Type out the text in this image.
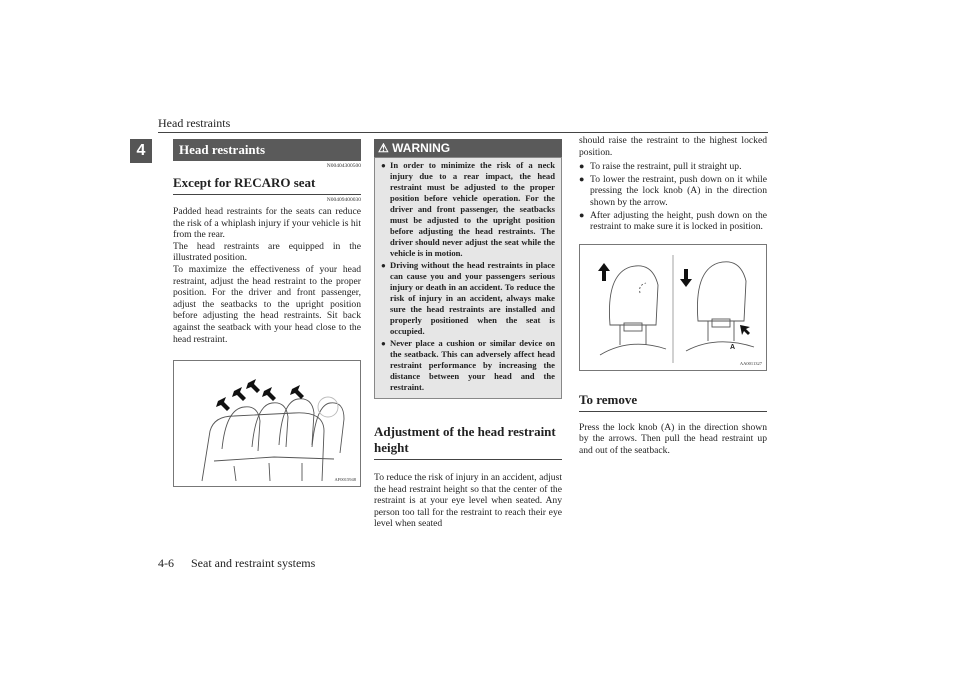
Head restraints
4	Head restraints
N00404300500
Except for RECARO seat
N00409400030

Padded head restraints for the seats can reduce the risk of a whiplash injury if your vehicle is hit from the rear.

The head restraints are equipped in the illustrated position.

To maximize the effectiveness of your head restraint, adjust the head restraint to the proper position. For the driver and front passenger, adjust the seatbacks to the upright position before adjusting the head restraints. Sit back against the seatback with your head close to the head restraint.

AF0015948
⚠ WARNING
● In order to minimize the risk of a neck injury due to a rear impact, the head restraint must be adjusted to the proper position before vehicle operation. For the driver and front passenger, the seatbacks must be adjusted to the upright position before adjusting the head restraints. The driver should never adjust the seat while the vehicle is in motion.
● Driving without the head restraints in place can cause you and your passengers serious injury or death in an accident. To reduce the risk of injury in an accident, always make sure the head restraints are installed and properly positioned when the seat is occupied.
● Never place a cushion or similar device on the seatback. This can adversely affect head restraint performance by increasing the distance between your head and the restraint.
Adjustment of the head restraint height

To reduce the risk of injury in an accident, adjust the head restraint height so that the center of the restraint is at your eye level when seated. Any person too tall for the restraint to reach their eye level when seated

should raise the restraint to the highest locked position.

● To raise the restraint, pull it straight up.
● To lower the restraint, push down on it while pressing the lock knob (A) in the direction shown by the arrow.
● After adjusting the height, push down on the restraint to make sure it is locked in position.
A
AA0011327
To remove

Press the lock knob (A) in the direction shown by the arrows. Then pull the head restraint up and out of the seatback.

4-6 Seat and restraint systems
